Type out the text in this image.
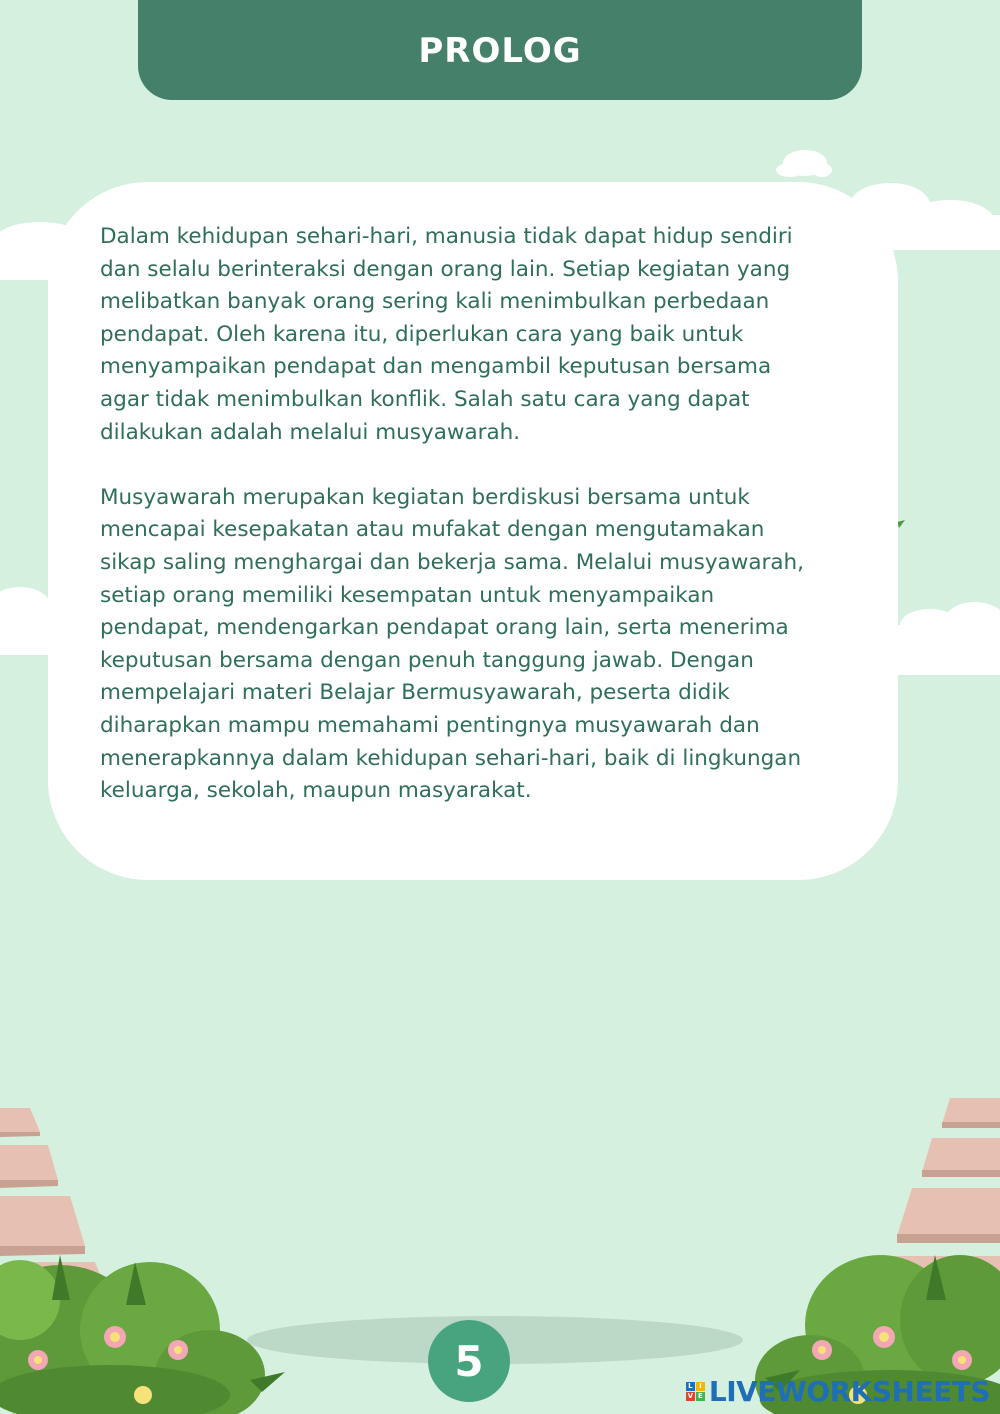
PROLOG

Dalam kehidupan sehari-hari, manusia tidak dapat hidup sendiri
dan selalu berinteraksi dengan orang lain. Setiap kegiatan yang
melibatkan banyak orang sering kali menimbulkan perbedaan
pendapat. Oleh karena itu, diperlukan cara yang baik untuk
menyampaikan pendapat dan mengambil keputusan bersama
agar tidak menimbulkan konflik. Salah satu cara yang dapat
dilakukan adalah melalui musyawarah.

Musyawarah merupakan kegiatan berdiskusi bersama untuk
mencapai kesepakatan atau mufakat dengan mengutamakan
sikap saling menghargai dan bekerja sama. Melalui musyawarah,
setiap orang memiliki kesempatan untuk menyampaikan
pendapat, mendengarkan pendapat orang lain, serta menerima
keputusan bersama dengan penuh tanggung jawab. Dengan
mempelajari materi Belajar Bermusyawarah, peserta didik
diharapkan mampu memahami pentingnya musyawarah dan
menerapkannya dalam kehidupan sehari-hari, baik di lingkungan
keluarga, sekolah, maupun masyarakat.

5
L I
V E LIVEWORKSHEETS
